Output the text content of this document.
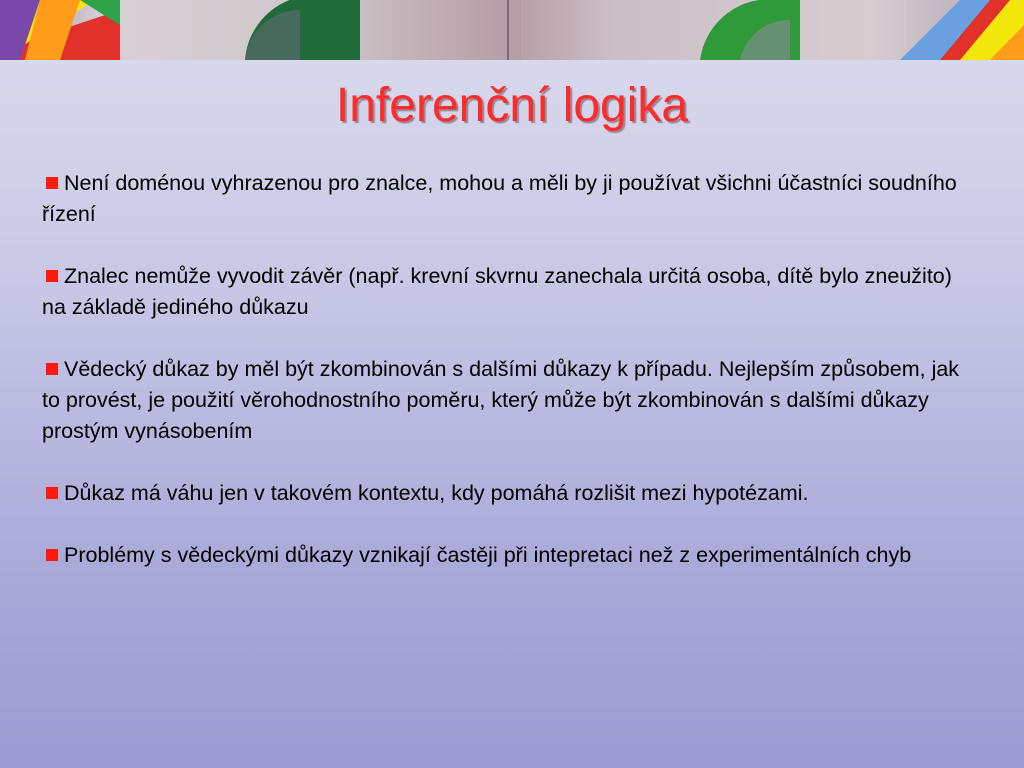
Inferenční logika

Není doménou vyhrazenou pro znalce, mohou a měli by ji používat všichni účastníci soudního řízení

Znalec nemůže vyvodit závěr (např. krevní skvrnu zanechala určitá osoba, dítě bylo zneužito) na základě jediného důkazu

Vědecký důkaz by měl být zkombinován s dalšími důkazy k případu. Nejlepším způsobem, jak to provést, je použití věrohodnostního poměru, který může být zkombinován s dalšími důkazy prostým vynásobením

Důkaz má váhu jen v takovém kontextu, kdy pomáhá rozlišit mezi hypotézami.

Problémy s vědeckými důkazy vznikají častěji při intepretaci než z experimentálních chyb
